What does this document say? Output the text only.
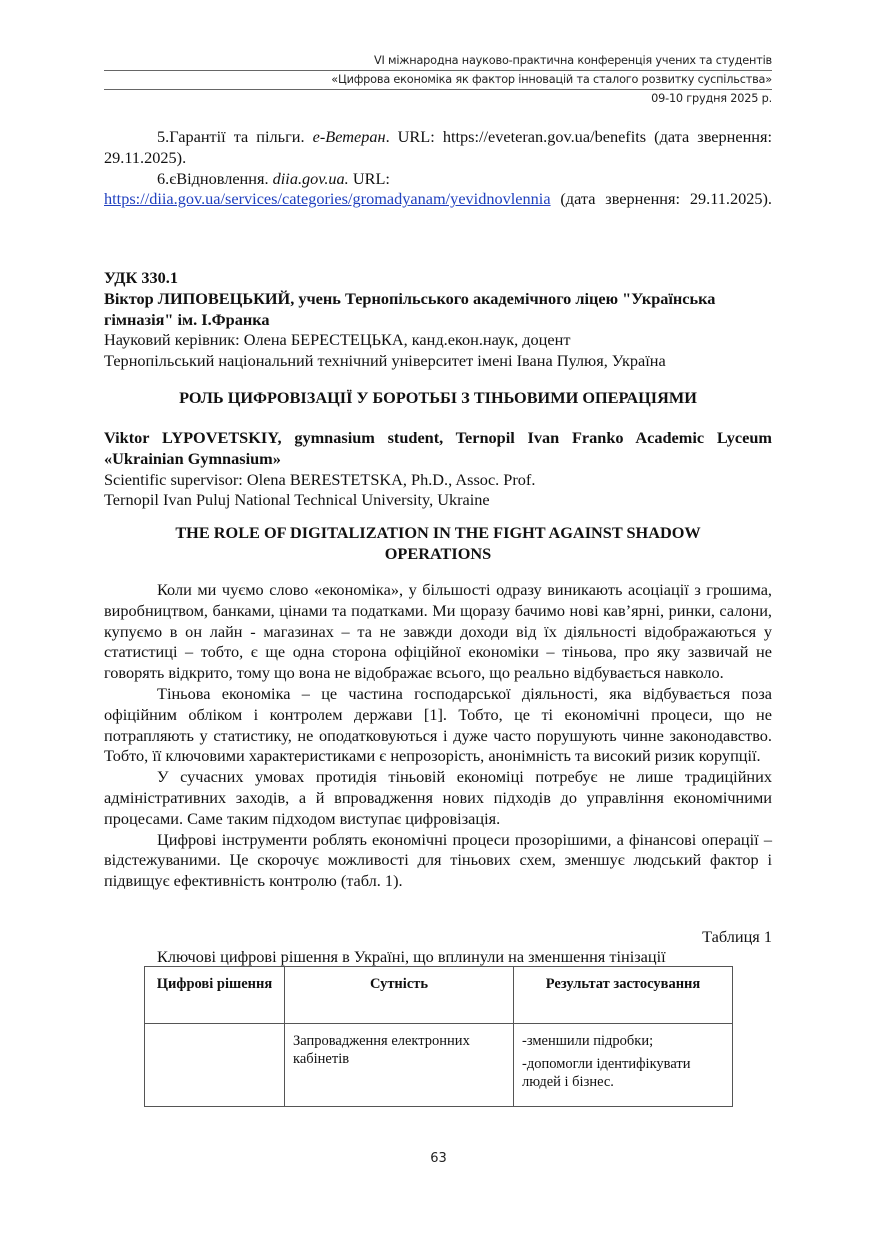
VI міжнародна науково-практична конференція учених та студентів
«Цифрова економіка як фактор інновацій та сталого розвитку суспільства»
09-10 грудня 2025 р.
5.Гарантії та пільги. е-Ветеран. URL: https://eveteran.gov.ua/benefits (дата звернення: 29.11.2025).
6.єВідновлення. diia.gov.ua. URL:
https://diia.gov.ua/services/categories/gromadyanam/yevidnovlennia (дата звернення: 29.11.2025).
УДК 330.1
Віктор ЛИПОВЕЦЬКИЙ, учень Тернопільського академічного ліцею "Українська гімназія" ім. І.Франка
Науковий керівник: Олена БЕРЕСТЕЦЬКА, канд.екон.наук, доцент
Тернопільський національний технічний університет імені Івана Пулюя, Україна
РОЛЬ ЦИФРОВІЗАЦІЇ У БОРОТЬБІ З ТІНЬОВИМИ ОПЕРАЦІЯМИ
Viktor LYPOVETSKIY, gymnasium student, Ternopil Ivan Franko Academic Lyceum «Ukrainian Gymnasium»
Scientific supervisor: Olena BERESTETSKA, Ph.D., Assoc. Prof.
Ternopil Ivan Puluj National Technical University, Ukraine
THE ROLE OF DIGITALIZATION IN THE FIGHT AGAINST SHADOW OPERATIONS

Коли ми чуємо слово «економіка», у більшості одразу виникають асоціації з грошима, виробництвом, банками, цінами та податками. Ми щоразу бачимо нові кав’ярні, ринки, салони, купуємо в он лайн - магазинах – та не завжди доходи від їх діяльності відображаються у статистиці – тобто, є ще одна сторона офіційної економіки – тіньова, про яку зазвичай не говорять відкрито, тому що вона не відображає всього, що реально відбувається навколо.

Тіньова економіка – це частина господарської діяльності, яка відбувається поза офіційним обліком і контролем держави [1]. Тобто, це ті економічні процеси, що не потрапляють у статистику, не оподатковуються і дуже часто порушують чинне законодавство. Тобто, її ключовими характеристиками є непрозорість, анонімність та високий ризик корупції.

У сучасних умовах протидія тіньовій економіці потребує не лише традиційних адміністративних заходів, а й впровадження нових підходів до управління економічними процесами. Саме таким підходом виступає цифровізація.

Цифрові інструменти роблять економічні процеси прозорішими, а фінансові операції – відстежуваними. Це скорочує можливості для тіньових схем, зменшує людський фактор і підвищує ефективність контролю (табл. 1).

Таблиця 1
Ключові цифрові рішення в Україні, що вплинули на зменшення тінізації
Цифрові рішення	Сутність	Результат застосування
	Запровадження електронних кабінетів	-зменшили підробки;
-допомогли ідентифікувати людей і бізнес.
63
